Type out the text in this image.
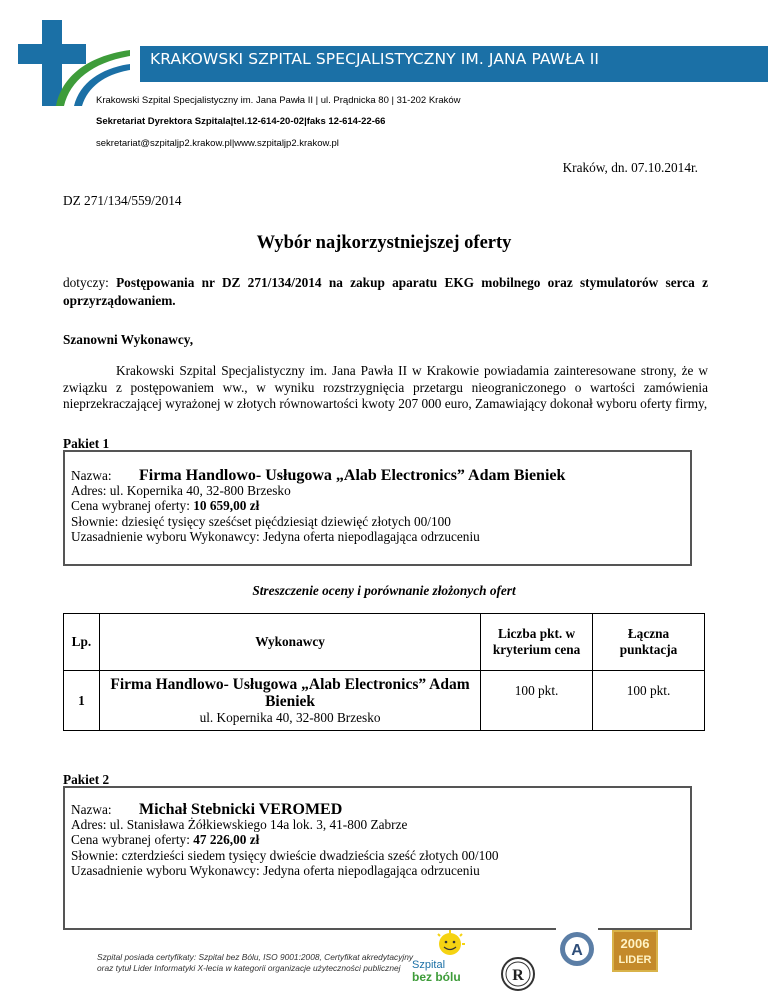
KRAKOWSKI SZPITAL SPECJALISTYCZNY IM. JANA PAWŁA II
Krakowski Szpital Specjalistyczny im. Jana Pawła II | ul. Prądnicka 80 | 31-202 Kraków
Sekretariat Dyrektora Szpitala|tel.12-614-20-02|faks 12-614-22-66
sekretariat@szpitaljp2.krakow.pl|www.szpitaljp2.krakow.pl
Kraków, dn. 07.10.2014r.
DZ 271/134/559/2014
Wybór najkorzystniejszej oferty
dotyczy: Postępowania nr DZ 271/134/2014 na zakup aparatu EKG mobilnego oraz stymulatorów serca z oprzyrządowaniem.
Szanowni Wykonawcy,
Krakowski Szpital Specjalistyczny im. Jana Pawła II w Krakowie powiadamia zainteresowane strony, że w związku z postępowaniem ww., w wyniku rozstrzygnięcia przetargu nieograniczonego o wartości zamówienia nieprzekraczającej wyrażonej w złotych równowartości kwoty 207 000 euro, Zamawiający dokonał wyboru oferty firmy,
Pakiet 1
Nazwa: Firma Handlowo- Usługowa „Alab Electronics” Adam Bieniek
Adres: ul. Kopernika 40, 32-800 Brzesko
Cena wybranej oferty: 10 659,00 zł
Słownie: dziesięć tysięcy sześćset pięćdziesiąt dziewięć złotych 00/100
Uzasadnienie wyboru Wykonawcy: Jedyna oferta niepodlagająca odrzuceniu
Streszczenie oceny i porównanie złożonych ofert
Lp.	Wykonawcy	Liczba pkt. w kryterium cena	Łączna punktacja
1	Firma Handlowo- Usługowa „Alab Electronics” Adam Bieniek
ul. Kopernika 40, 32-800 Brzesko	100 pkt.	100 pkt.
Pakiet 2
Nazwa: Michał Stebnicki VEROMED
Adres: ul. Stanisława Żółkiewskiego 14a lok. 3, 41-800 Zabrze
Cena wybranej oferty: 47 226,00 zł
Słownie: czterdzieści siedem tysięcy dwieście dwadzieścia sześć złotych 00/100
Uzasadnienie wyboru Wykonawcy: Jedyna oferta niepodlagająca odrzuceniu
Szpital posiada certyfikaty: Szpital bez Bólu, ISO 9001:2008, Certyfikat akredytacyjny
oraz tytuł Lider Informatyki X-lecia w kategorii organizacje użyteczności publicznej	Szpital
bez bólu	R
A	2006
LIDER
